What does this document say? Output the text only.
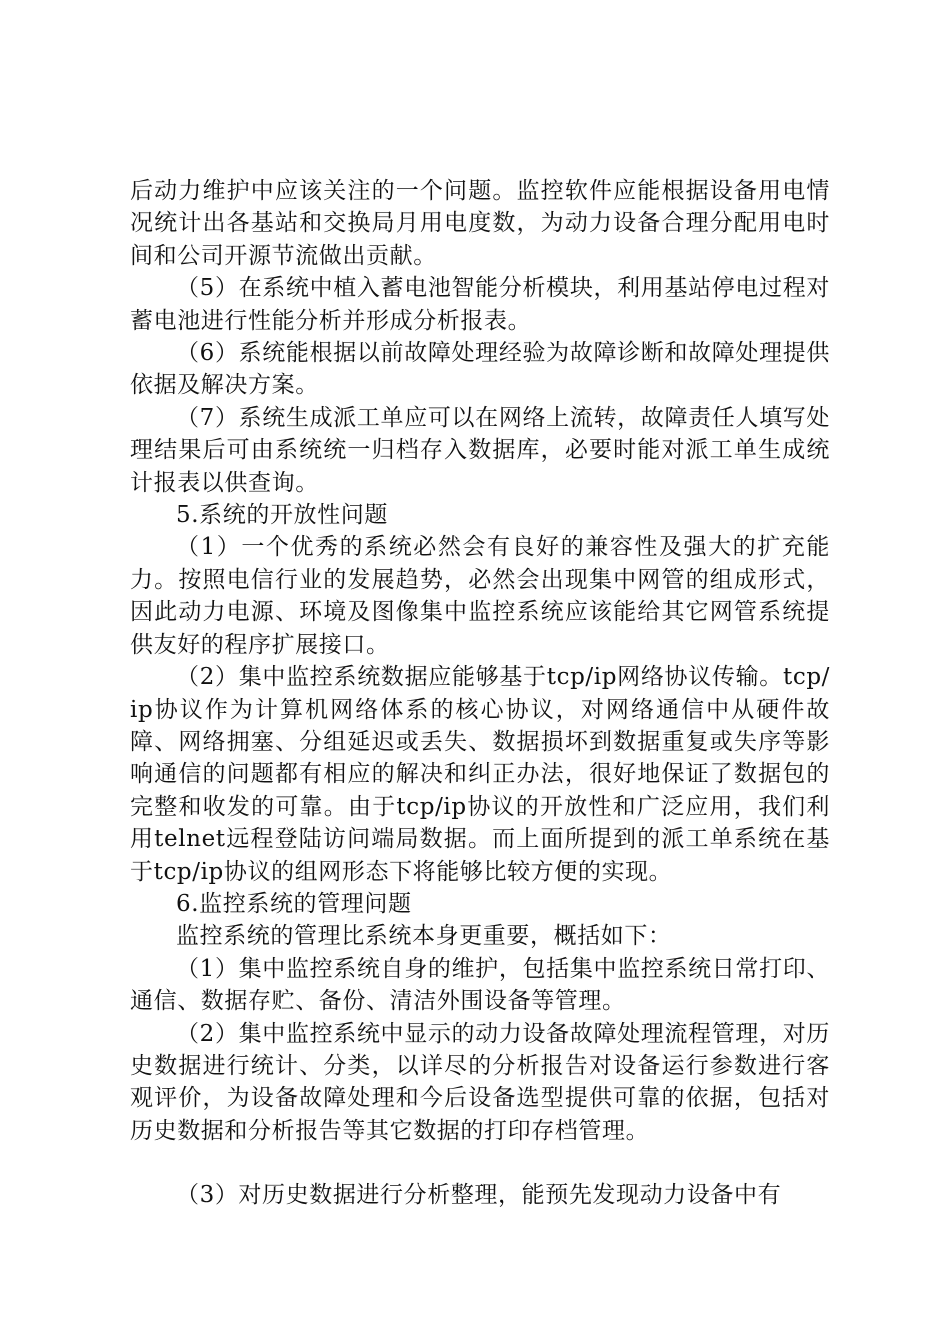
后动力维护中应该关注的一个问题。监控软件应能根据设备用电情况统计出各基站和交换局月用电度数，为动力设备合理分配用电时间和公司开源节流做出贡献。

（5）在系统中植入蓄电池智能分析模块，利用基站停电过程对蓄电池进行性能分析并形成分析报表。

（6）系统能根据以前故障处理经验为故障诊断和故障处理提供依据及解决方案。

（7）系统生成派工单应可以在网络上流转，故障责任人填写处理结果后可由系统统一归档存入数据库，必要时能对派工单生成统计报表以供查询。

5.系统的开放性问题

（1）一个优秀的系统必然会有良好的兼容性及强大的扩充能力。按照电信行业的发展趋势，必然会出现集中网管的组成形式，因此动力电源、环境及图像集中监控系统应该能给其它网管系统提供友好的程序扩展接口。

（2）集中监控系统数据应能够基于tcp/ip网络协议传输。tcp/ip协议作为计算机网络体系的核心协议，对网络通信中从硬件故障、网络拥塞、分组延迟或丢失、数据损坏到数据重复或失序等影响通信的问题都有相应的解决和纠正办法，很好地保证了数据包的完整和收发的可靠。由于tcp/ip协议的开放性和广泛应用，我们利用telnet远程登陆访问端局数据。而上面所提到的派工单系统在基于tcp/ip协议的组网形态下将能够比较方便的实现。

6.监控系统的管理问题

监控系统的管理比系统本身更重要，概括如下：

（1）集中监控系统自身的维护，包括集中监控系统日常打印、通信、数据存贮、备份、清洁外围设备等管理。

（2）集中监控系统中显示的动力设备故障处理流程管理，对历史数据进行统计、分类，以详尽的分析报告对设备运行参数进行客观评价，为设备故障处理和今后设备选型提供可靠的依据，包括对历史数据和分析报告等其它数据的打印存档管理。

（3）对历史数据进行分析整理，能预先发现动力设备中有
